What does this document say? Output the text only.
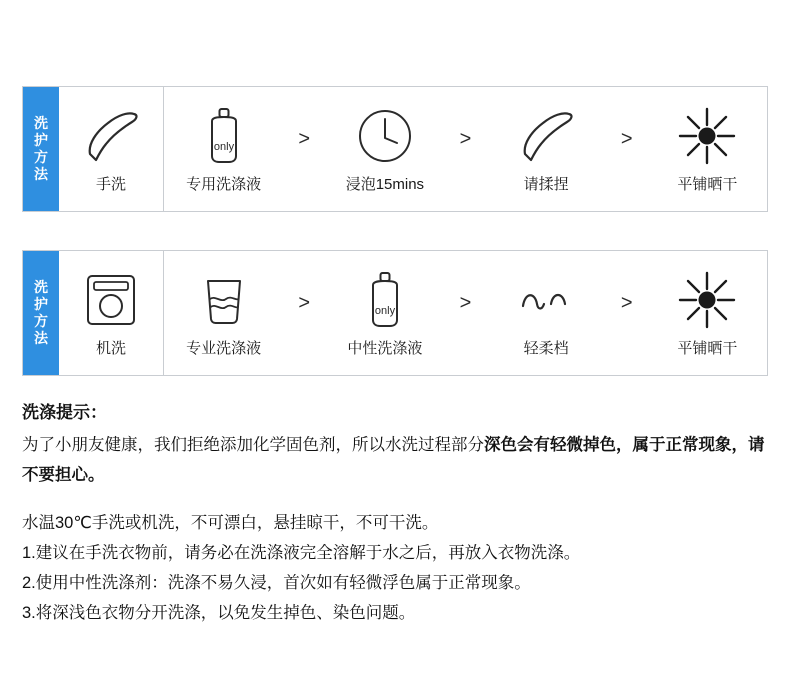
洗
护
方
法
手洗
only
专用洗涤液
>
浸泡15mins
>
请揉捏
>
平铺晒干
洗
护
方
法
机洗	专业洗涤液
>	only
中性洗涤液
>
轻柔档
>
平铺晒干

洗涤提示：

为了小朋友健康，我们拒绝添加化学固色剂，所以水洗过程部分深色会有轻微掉色，属于正常现象，请不要担心。

水温30℃手洗或机洗，不可漂白，悬挂晾干，不可干洗。

1.建议在手洗衣物前，请务必在洗涤液完全溶解于水之后，再放入衣物洗涤。

2.使用中性洗涤剂：洗涤不易久浸，首次如有轻微浮色属于正常现象。

3.将深浅色衣物分开洗涤，以免发生掉色、染色问题。
